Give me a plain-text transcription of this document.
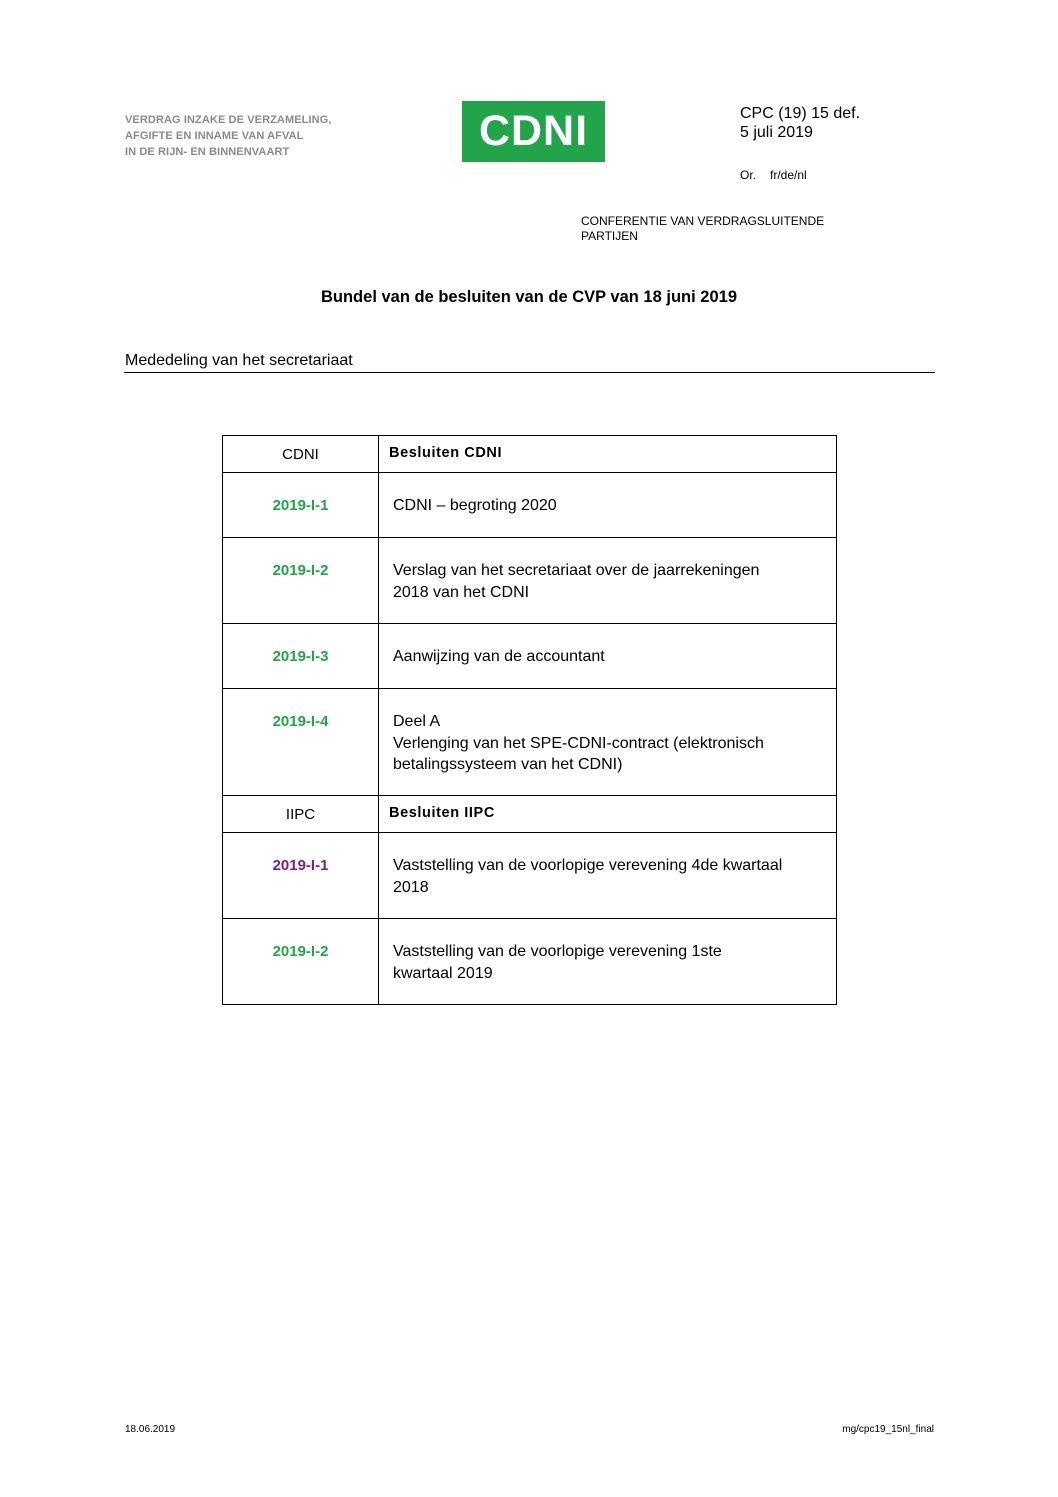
VERDRAG INZAKE DE VERZAMELING,
AFGIFTE EN INNAME VAN AFVAL
IN DE RIJN- EN BINNENVAART	CDNI	CPC (19) 15 def.
5 juli 2019
Or. fr/de/nl
CONFERENTIE VAN VERDRAGSLUITENDE
PARTIJEN
Bundel van de besluiten van de CVP van 18 juni 2019
Mededeling van het secretariaat
CDNI	Besluiten CDNI
2019-I-1	CDNI – begroting 2020

2019-I-2	Verslag van het secretariaat over de jaarrekeningen
2018 van het CDNI

2019-I-3	Aanwijzing van de accountant

2019-I-4	Deel A
Verlenging van het SPE-CDNI-contract (elektronisch
betalingssysteem van het CDNI)

IIPC	Besluiten IIPC
2019-I-1	Vaststelling van de voorlopige verevening 4de kwartaal
2018

2019-I-2	Vaststelling van de voorlopige verevening 1ste
kwartaal 2019
18.06.2019	mg/cpc19_15nl_final
